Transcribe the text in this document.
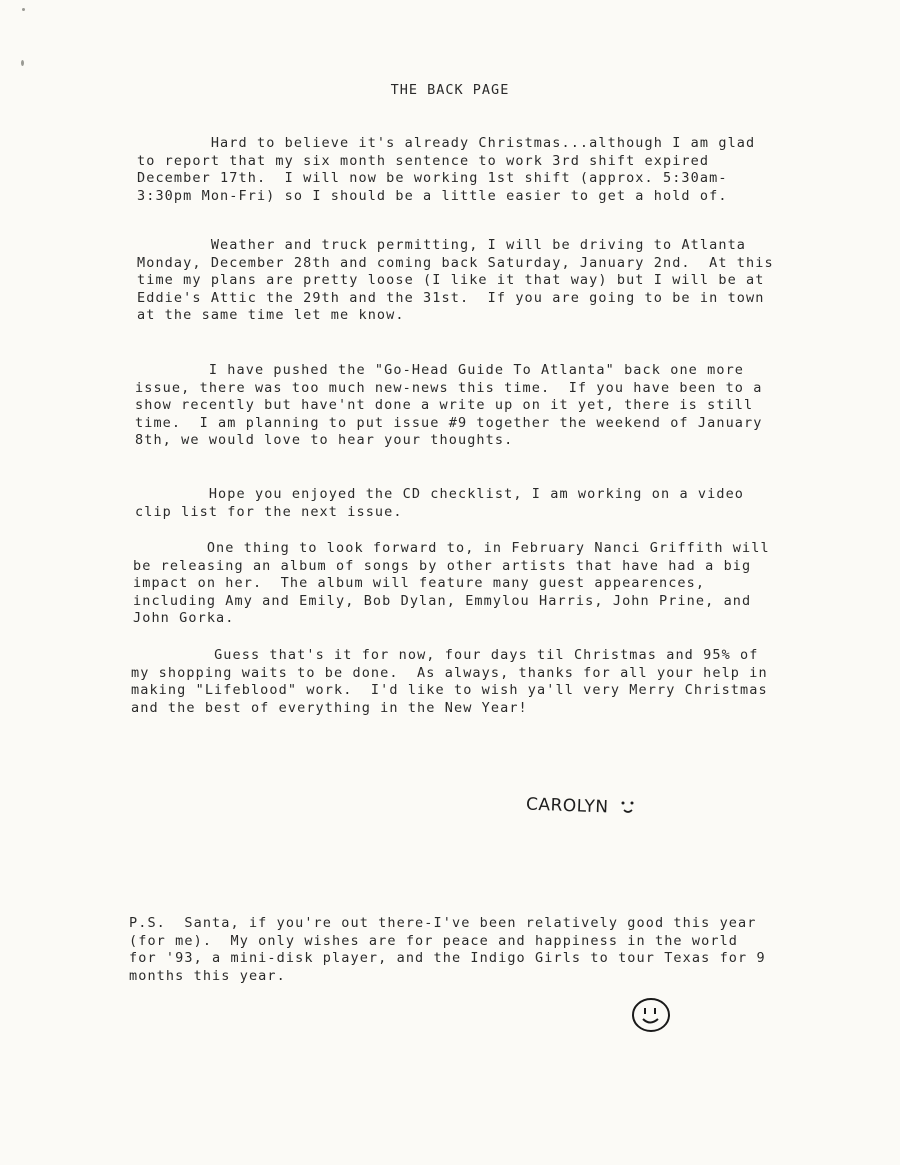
THE BACK PAGE

Hard to believe it's already Christmas...although I am glad to report that my six month sentence to work 3rd shift expired December 17th.  I will now be working 1st shift (approx. 5:30am-3:30pm Mon-Fri) so I should be a little easier to get a hold of.

Weather and truck permitting, I will be driving to Atlanta Monday, December 28th and coming back Saturday, January 2nd.  At this time my plans are pretty loose (I like it that way) but I will be at Eddie's Attic the 29th and the 31st.  If you are going to be in town at the same time let me know.

I have pushed the "Go-Head Guide To Atlanta" back one more issue, there was too much new-news this time.  If you have been to a show recently but have'nt done a write up on it yet, there is still time.  I am planning to put issue #9 together the weekend of January 8th, we would love to hear your thoughts.

Hope you enjoyed the CD checklist, I am working on a video clip list for the next issue.

One thing to look forward to, in February Nanci Griffith will be releasing an album of songs by other artists that have had a big impact on her.  The album will feature many guest appearences, including Amy and Emily, Bob Dylan, Emmylou Harris, John Prine, and John Gorka.

Guess that's it for now, four days til Christmas and 95% of my shopping waits to be done.  As always, thanks for all your help in making "Lifeblood" work.  I'd like to wish ya'll very Merry Christmas and the best of everything in the New Year!

CAROLYN

P.S.  Santa, if you're out there-I've been relatively good this year (for me).  My only wishes are for peace and happiness in the world for '93, a mini-disk player, and the Indigo Girls to tour Texas for 9 months this year.
